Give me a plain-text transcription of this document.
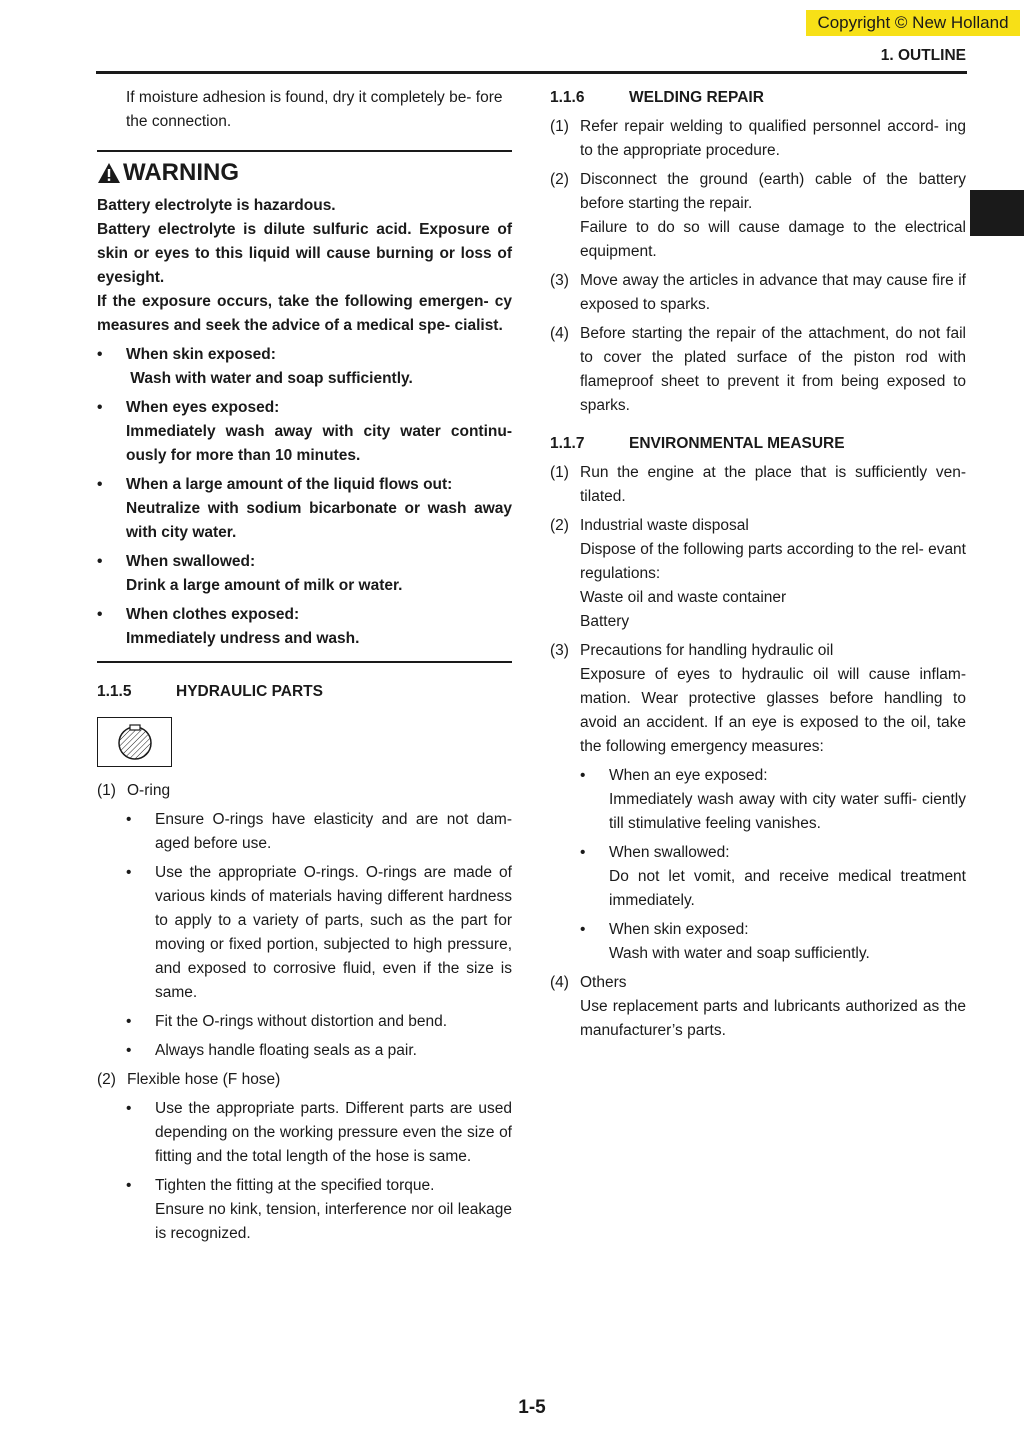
Copyright © New Holland
1. OUTLINE

If moisture adhesion is found, dry it completely be- fore the connection.

WARNING

Battery electrolyte is hazardous.

Battery electrolyte is dilute sulfuric acid. Exposure of skin or eyes to this liquid will cause burning or loss of eyesight.

If the exposure occurs, take the following emergen- cy measures and seek the advice of a medical spe- cialist.

•	When skin exposed:

Wash with water and soap sufficiently.

•	When eyes exposed:

Immediately wash away with city water continu- ously for more than 10 minutes.

•	When a large amount of the liquid flows out:

Neutralize with sodium bicarbonate or wash away with city water.

•	When swallowed:

Drink a large amount of milk or water.

•	When clothes exposed:

Immediately undress and wash.

1.1.5	HYDRAULIC PARTS
(1) O-ring

•	Ensure O-rings have elasticity and are not dam- aged before use.

•	Use the appropriate O-rings. O-rings are made of various kinds of materials having different hardness to apply to a variety of parts, such as the part for moving or fixed portion, subjected to high pressure, and exposed to corrosive fluid, even if the size is same.

•	Fit the O-rings without distortion and bend.

•	Always handle floating seals as a pair.

(2) Flexible hose (F hose)

•	Use the appropriate parts. Different parts are used depending on the working pressure even the size of fitting and the total length of the hose is same.

•	Tighten the fitting at the specified torque.

Ensure no kink, tension, interference nor oil leakage is recognized.

1.1.6	WELDING REPAIR
(1) Refer repair welding to qualified personnel accord- ing to the appropriate procedure.

(2) Disconnect the ground (earth) cable of the battery before starting the repair.

Failure to do so will cause damage to the electrical equipment.

(3) Move away the articles in advance that may cause fire if exposed to sparks.

(4) Before starting the repair of the attachment, do not fail to cover the plated surface of the piston rod with flameproof sheet to prevent it from being exposed to sparks.

1.1.7	ENVIRONMENTAL MEASURE
(1) Run the engine at the place that is sufficiently ven- tilated.

(2) Industrial waste disposal

Dispose of the following parts according to the rel- evant regulations:

Waste oil and waste container

Battery

(3) Precautions for handling hydraulic oil

Exposure of eyes to hydraulic oil will cause inflam- mation. Wear protective glasses before handling to avoid an accident. If an eye is exposed to the oil, take the following emergency measures:

•	When an eye exposed:

Immediately wash away with city water suffi- ciently till stimulative feeling vanishes.

•	When swallowed:

Do not let vomit, and receive medical treatment immediately.

•	When skin exposed:

Wash with water and soap sufficiently.

(4) Others

Use replacement parts and lubricants authorized as the manufacturer’s parts.

1-5
